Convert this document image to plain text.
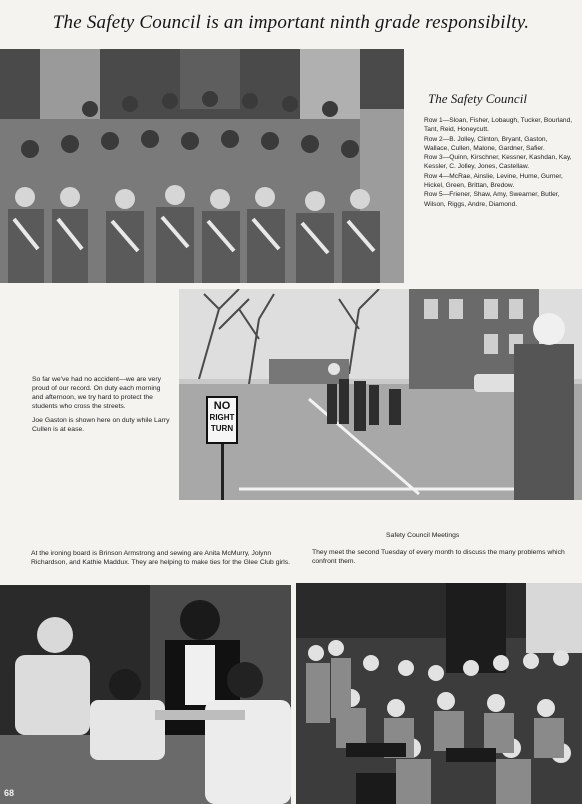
The Safety Council is an important ninth grade responsibilty.
The Safety Council

Row 1—Sloan, Fisher, Lobaugh, Tucker, Bourland, Tant, Reid, Honeycutt.

Row 2—B. Jolley, Clinton, Bryant, Gaston, Wallace, Cullen, Malone, Gardner, Safier.

Row 3—Quinn, Kirschner, Kessner, Kashdan, Kay, Kessler, C. Jolley, Jones, Castellaw.

Row 4—McRae, Ainslie, Levine, Hume, Gurner, Hickel, Green, Brittan, Bredow.

Row 5—Friener, Shaw, Amy, Swearner, Butler, Wilson, Riggs, Andre, Diamond.

NO
RIGHT
TURN

So far we've had no accident—we are very proud of our record. On duty each morning and afternoon, we try hard to protect the students who cross the streets.

Joe Gaston is shown here on duty while Larry Cullen is at ease.

Safety Council Meetings
They meet the second Tuesday of every month to discuss the many problems which confront them.
At the ironing board is Brinson Armstrong and sewing are Anita McMurry, Jolynn Richardson, and Kathie Maddux. They are helping to make ties for the Glee Club girls.
68
